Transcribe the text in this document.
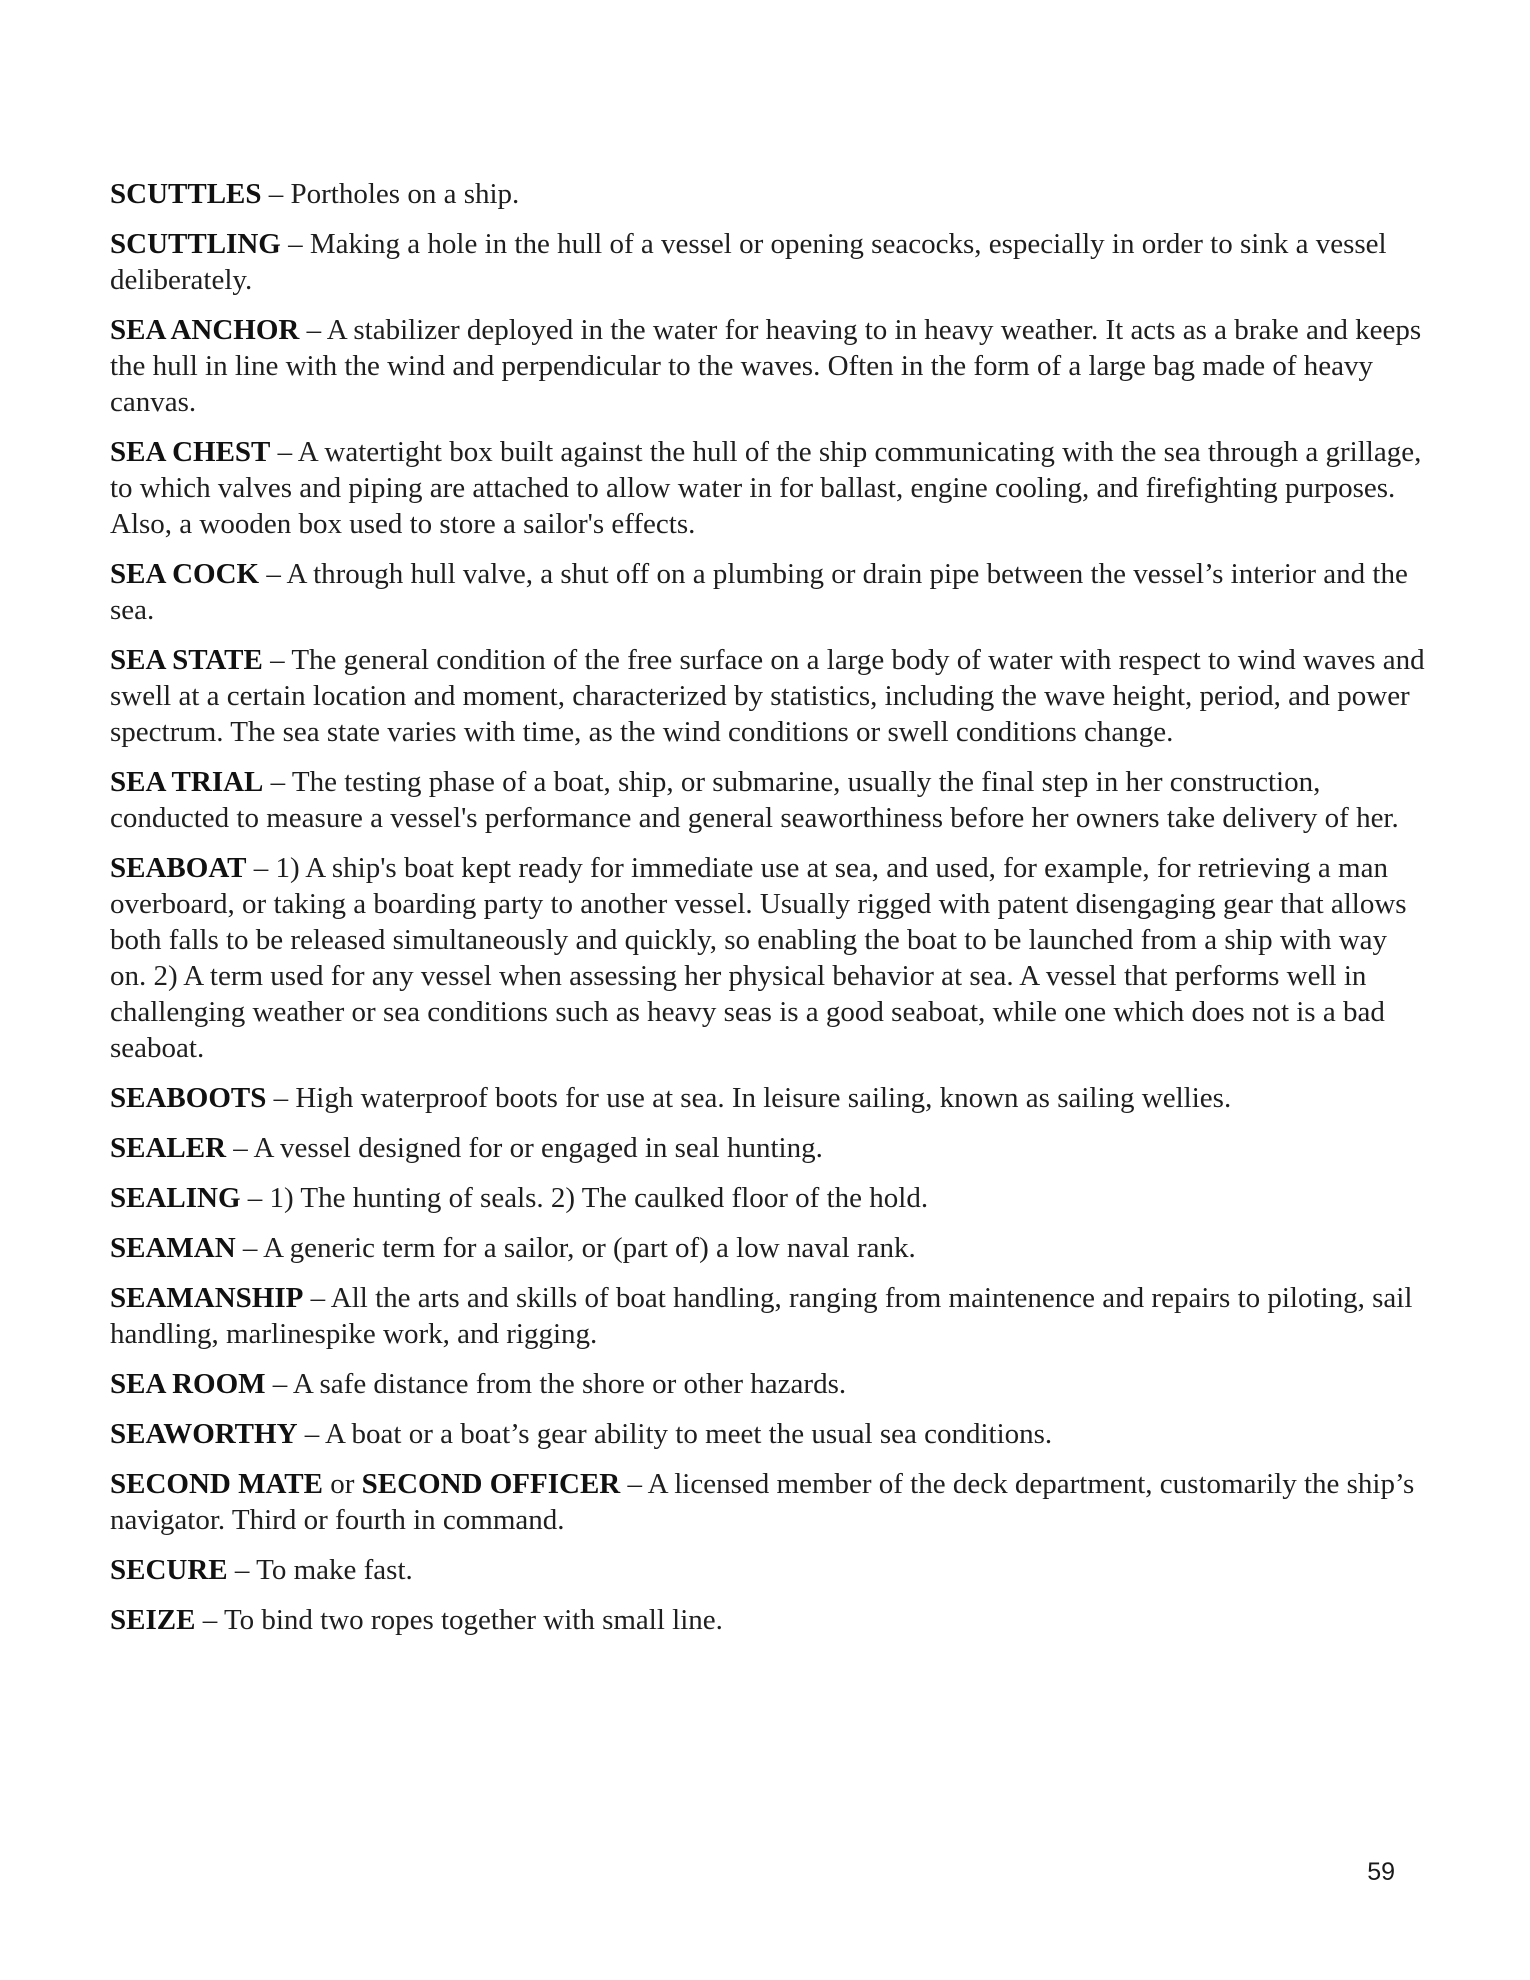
SCUTTLES – Portholes on a ship.

SCUTTLING – Making a hole in the hull of a vessel or opening seacocks, especially in order to sink a vessel deliberately.

SEA ANCHOR – A stabilizer deployed in the water for heaving to in heavy weather. It acts as a brake and keeps the hull in line with the wind and perpendicular to the waves. Often in the form of a large bag made of heavy canvas.

SEA CHEST – A watertight box built against the hull of the ship communicating with the sea through a grillage, to which valves and piping are attached to allow water in for ballast, engine cooling, and firefighting purposes. Also, a wooden box used to store a sailor's effects.

SEA COCK – A through hull valve, a shut off on a plumbing or drain pipe between the vessel’s interior and the sea.

SEA STATE – The general condition of the free surface on a large body of water with respect to wind waves and swell at a certain location and moment, characterized by statistics, including the wave height, period, and power spectrum. The sea state varies with time, as the wind conditions or swell conditions change.

SEA TRIAL – The testing phase of a boat, ship, or submarine, usually the final step in her construction, conducted to measure a vessel's performance and general seaworthiness before her owners take delivery of her.

SEABOAT – 1) A ship's boat kept ready for immediate use at sea, and used, for example, for retrieving a man overboard, or taking a boarding party to another vessel. Usually rigged with patent disengaging gear that allows both falls to be released simultaneously and quickly, so enabling the boat to be launched from a ship with way on. 2) A term used for any vessel when assessing her physical behavior at sea. A vessel that performs well in challenging weather or sea conditions such as heavy seas is a good seaboat, while one which does not is a bad seaboat.

SEABOOTS – High waterproof boots for use at sea. In leisure sailing, known as sailing wellies.

SEALER – A vessel designed for or engaged in seal hunting.

SEALING – 1) The hunting of seals. 2) The caulked floor of the hold.

SEAMAN – A generic term for a sailor, or (part of) a low naval rank.

SEAMANSHIP – All the arts and skills of boat handling, ranging from maintenence and repairs to piloting, sail handling, marlinespike work, and rigging.

SEA ROOM – A safe distance from the shore or other hazards.

SEAWORTHY – A boat or a boat’s gear ability to meet the usual sea conditions.

SECOND MATE or SECOND OFFICER – A licensed member of the deck department, customarily the ship’s navigator. Third or fourth in command.

SECURE – To make fast.

SEIZE – To bind two ropes together with small line.

59
